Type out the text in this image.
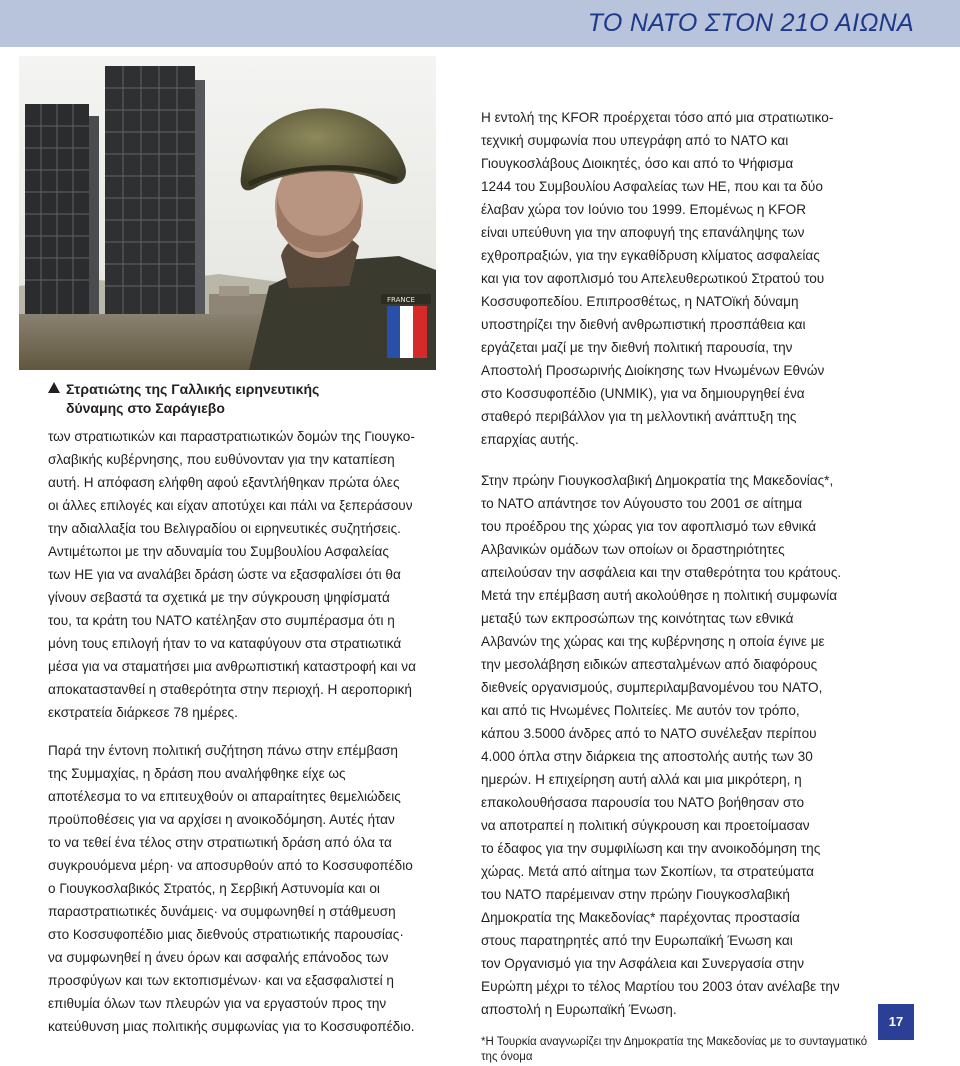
ΤΟ ΝΑΤΟ ΣΤΟΝ 21Ο ΑΙΩΝΑ
FRANCE
Στρατιώτης της Γαλλικής ειρηνευτικής
δύναμης στο Σαράγιεβο
των στρατιωτικών και παραστρατιωτικών δομών της Γιουγκο-
σλαβικής κυβέρνησης, που ευθύνονταν για την καταπίεση
αυτή. Η απόφαση ελήφθη αφού εξαντλήθηκαν πρώτα όλες
οι άλλες επιλογές και είχαν αποτύχει και πάλι να ξεπεράσουν
την αδιαλλαξία του Βελιγραδίου οι ειρηνευτικές συζητήσεις.
Αντιμέτωποι με την αδυναμία του Συμβουλίου Ασφαλείας
των ΗΕ για να αναλάβει δράση ώστε να εξασφαλίσει ότι θα
γίνουν σεβαστά τα σχετικά με την σύγκρουση ψηφίσματά
του, τα κράτη του ΝΑΤΟ κατέληξαν στο συμπέρασμα ότι η
μόνη τους επιλογή ήταν το να καταφύγουν στα στρατιωτικά
μέσα για να σταματήσει μια ανθρωπιστική καταστροφή και να
αποκαταστανθεί η σταθερότητα στην περιοχή. Η αεροπορική
εκστρατεία διάρκεσε 78 ημέρες.
Παρά την έντονη πολιτική συζήτηση πάνω στην επέμβαση
της Συμμαχίας, η δράση που αναλήφθηκε είχε ως
αποτέλεσμα το να επιτευχθούν οι απαραίτητες θεμελιώδεις
προϋποθέσεις για να αρχίσει η ανοικοδόμηση. Αυτές ήταν
το να τεθεί ένα τέλος στην στρατιωτική δράση από όλα τα
συγκρουόμενα μέρη· να αποσυρθούν από το Κοσσυφοπέδιο
ο Γιουγκοσλαβικός Στρατός, η Σερβική Αστυνομία και οι
παραστρατιωτικές δυνάμεις· να συμφωνηθεί η στάθμευση
στο Κοσσυφοπέδιο μιας διεθνούς στρατιωτικής παρουσίας·
να συμφωνηθεί η άνευ όρων και ασφαλής επάνοδος των
προσφύγων και των εκτοπισμένων· και να εξασφαλιστεί η
επιθυμία όλων των πλευρών για να εργαστούν προς την
κατεύθυνση μιας πολιτικής συμφωνίας για το Κοσσυφοπέδιο.
Η εντολή της KFOR προέρχεται τόσο από μια στρατιωτικο-
τεχνική συμφωνία που υπεγράφη από το ΝΑΤΟ και
Γιουγκοσλάβους Διοικητές, όσο και από το Ψήφισμα
1244 του Συμβουλίου Ασφαλείας των ΗΕ, που και τα δύο
έλαβαν χώρα τον Ιούνιο του 1999. Επομένως η KFOR
είναι υπεύθυνη για την αποφυγή της επανάληψης των
εχθροπραξιών, για την εγκαθίδρυση κλίματος ασφαλείας
και για τον αφοπλισμό του Απελευθερωτικού Στρατού του
Κοσσυφοπεδίου. Επιπροσθέτως, η ΝΑΤΟϊκή δύναμη
υποστηρίζει την διεθνή ανθρωπιστική προσπάθεια και
εργάζεται μαζί με την διεθνή πολιτική παρουσία, την
Αποστολή Προσωρινής Διοίκησης των Ηνωμένων Εθνών
στο Κοσσυφοπέδιο (UNMIK), για να δημιουργηθεί ένα
σταθερό περιβάλλον για τη μελλοντική ανάπτυξη της
επαρχίας αυτής.
Στην πρώην Γιουγκοσλαβική Δημοκρατία της Μακεδονίας*,
το ΝΑΤΟ απάντησε τον Αύγουστο του 2001 σε αίτημα
του προέδρου της χώρας για τον αφοπλισμό των εθνικά
Αλβανικών ομάδων των οποίων οι δραστηριότητες
απειλούσαν την ασφάλεια και την σταθερότητα του κράτους.
Μετά την επέμβαση αυτή ακολούθησε η πολιτική συμφωνία
μεταξύ των εκπροσώπων της κοινότητας των εθνικά
Αλβανών της χώρας και της κυβέρνησης η οποία έγινε με
την μεσολάβηση ειδικών απεσταλμένων από διαφόρους
διεθνείς οργανισμούς, συμπεριλαμβανομένου του ΝΑΤΟ,
και από τις Ηνωμένες Πολιτείες. Με αυτόν τον τρόπο,
κάπου 3.5000 άνδρες από το ΝΑΤΟ συνέλεξαν περίπου
4.000 όπλα στην διάρκεια της αποστολής αυτής των 30
ημερών. Η επιχείρηση αυτή αλλά και μια μικρότερη, η
επακολουθήσασα παρουσία του ΝΑΤΟ βοήθησαν στο
να αποτραπεί η πολιτική σύγκρουση και προετοίμασαν
το έδαφος για την συμφιλίωση και την ανοικοδόμηση της
χώρας. Μετά από αίτημα των Σκοπίων, τα στρατεύματα
του ΝΑΤΟ παρέμειναν στην πρώην Γιουγκοσλαβική
Δημοκρατία της Μακεδονίας* παρέχοντας προστασία
στους παρατηρητές από την Ευρωπαϊκή Ένωση και
τον Οργανισμό για την Ασφάλεια και Συνεργασία στην
Ευρώπη μέχρι το τέλος Μαρτίου του 2003 όταν ανέλαβε την
αποστολή η Ευρωπαϊκή Ένωση.
*Η Τουρκία αναγνωρίζει την Δημοκρατία της Μακεδονίας με το συνταγματικό
της όνομα
17
